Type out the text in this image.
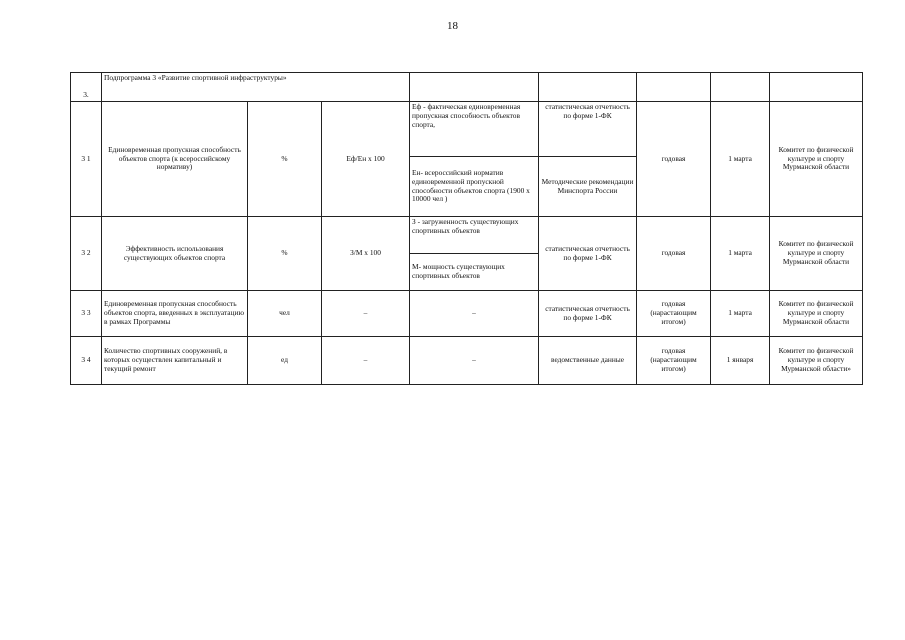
18
3.	Подпрограмма 3 «Развитие спортивной инфраструктуры»							
3 1	Единовременная пропускная способность объектов спорта (к всероссийскому нормативу)	%	Еф/Ен х 100	Еф - фактическая единовременная пропускная способность объектов спорта,	статистическая отчетность по форме 1-ФК	годовая	1 марта	Комитет по физической культуре и спорту Мурманской области
				Ен- всероссийский норматив единовременной пропускной способности объектов спорта (1900 х 10000 чел )	Методические рекомендации Минспорта России			
3 2	Эффективность использования существующих объектов спорта	%	З/М х 100	З - загруженность существующих спортивных объектов	статистическая отчетность по форме 1-ФК	годовая	1 марта	Комитет по физической культуре и спорту Мурманской области
				М- мощность существующих спортивных объектов				
3 3	Единовременная пропускная способность объектов спорта, введенных в эксплуатацию в рамках Программы	чел	–	–	статистическая отчетность по форме 1-ФК	годовая (нарастающим итогом)	1 марта	Комитет по физической культуре и спорту Мурманской области
3 4	Количество спортивных сооружений, в которых осуществлен капитальный и текущий ремонт	ед	–	–	ведомственные данные	годовая (нарастающим итогом)	1 января	Комитет по физической культуре и спорту Мурманской области»
